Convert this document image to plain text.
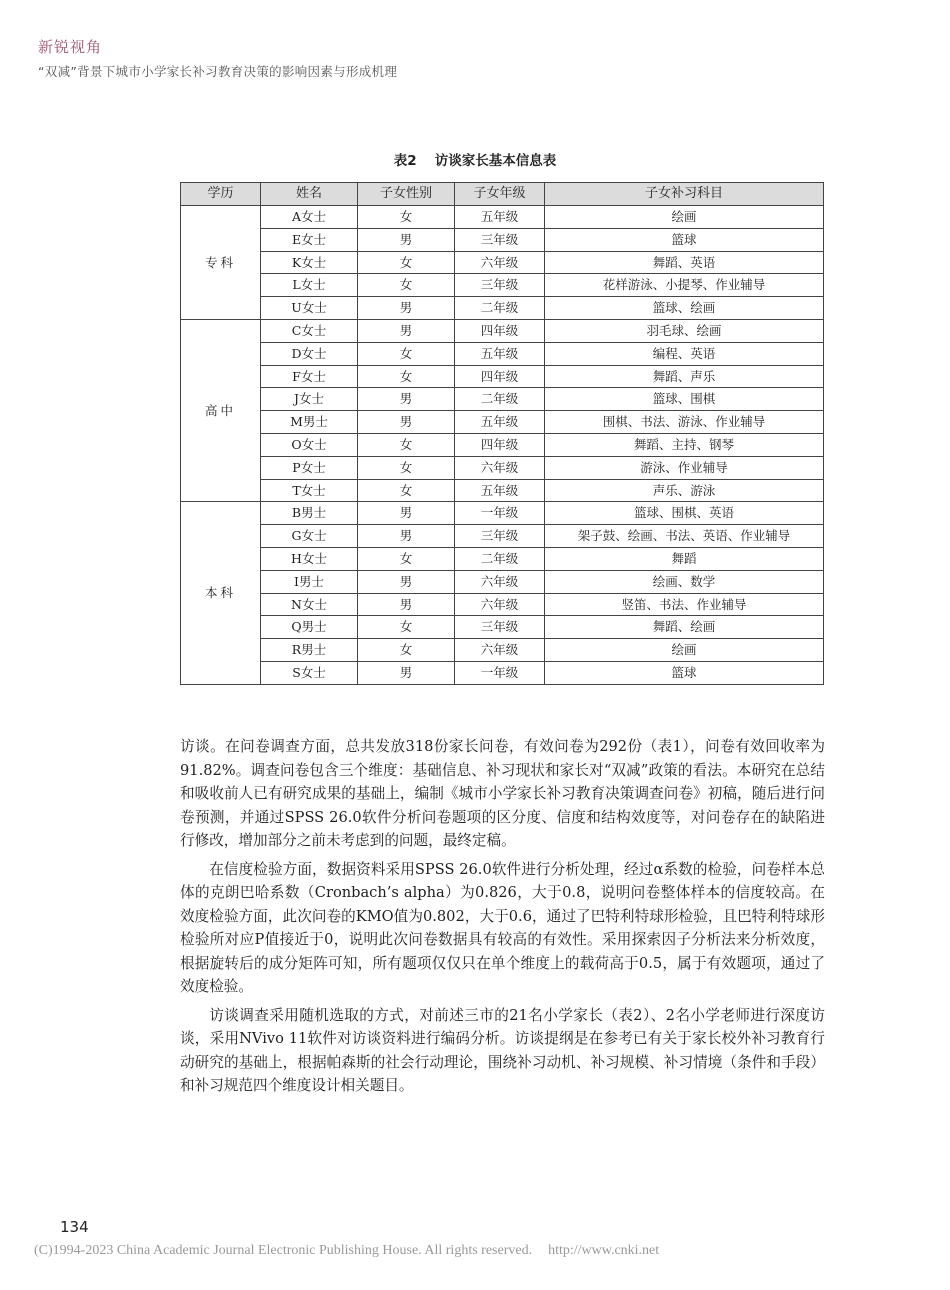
新锐视角
“双减”背景下城市小学家长补习教育决策的影响因素与形成机理
表2 访谈家长基本信息表
学历	姓名	子女性别	子女年级	子女补习科目
专科	A女士	女	五年级	绘画
	E女士	男	三年级	篮球
	K女士	女	六年级	舞蹈、英语
	L女士	女	三年级	花样游泳、小提琴、作业辅导
	U女士	男	二年级	篮球、绘画
高中	C女士	男	四年级	羽毛球、绘画
	D女士	女	五年级	编程、英语
	F女士	女	四年级	舞蹈、声乐
	J女士	男	二年级	篮球、围棋
	M男士	男	五年级	围棋、书法、游泳、作业辅导
	O女士	女	四年级	舞蹈、主持、钢琴
	P女士	女	六年级	游泳、作业辅导
	T女士	女	五年级	声乐、游泳
本科	B男士	男	一年级	篮球、围棋、英语
	G女士	男	三年级	架子鼓、绘画、书法、英语、作业辅导
	H女士	女	二年级	舞蹈
	I男士	男	六年级	绘画、数学
	N女士	男	六年级	竖笛、书法、作业辅导
	Q男士	女	三年级	舞蹈、绘画
	R男士	女	六年级	绘画
	S女士	男	一年级	篮球

访谈。在问卷调查方面，总共发放318份家长问卷，有效问卷为292份（表1），问卷有效回收率为91.82%。调查问卷包含三个维度：基础信息、补习现状和家长对“双减”政策的看法。本研究在总结和吸收前人已有研究成果的基础上，编制《城市小学家长补习教育决策调查问卷》初稿，随后进行问卷预测，并通过SPSS 26.0软件分析问卷题项的区分度、信度和结构效度等，对问卷存在的缺陷进行修改，增加部分之前未考虑到的问题，最终定稿。

在信度检验方面，数据资料采用SPSS 26.0软件进行分析处理，经过α系数的检验，问卷样本总体的克朗巴哈系数（Cronbach’s alpha）为0.826，大于0.8，说明问卷整体样本的信度较高。在效度检验方面，此次问卷的KMO值为0.802，大于0.6，通过了巴特利特球形检验，且巴特利特球形检验所对应P值接近于0，说明此次问卷数据具有较高的有效性。采用探索因子分析法来分析效度，根据旋转后的成分矩阵可知，所有题项仅仅只在单个维度上的载荷高于0.5，属于有效题项，通过了效度检验。

访谈调查采用随机选取的方式，对前述三市的21名小学家长（表2）、2名小学老师进行深度访谈，采用NVivo 11软件对访谈资料进行编码分析。访谈提纲是在参考已有关于家长校外补习教育行动研究的基础上，根据帕森斯的社会行动理论，围绕补习动机、补习规模、补习情境（条件和手段）和补习规范四个维度设计相关题目。

134
(C)1994-2023 China Academic Journal Electronic Publishing House. All rights reserved. http://www.cnki.net
